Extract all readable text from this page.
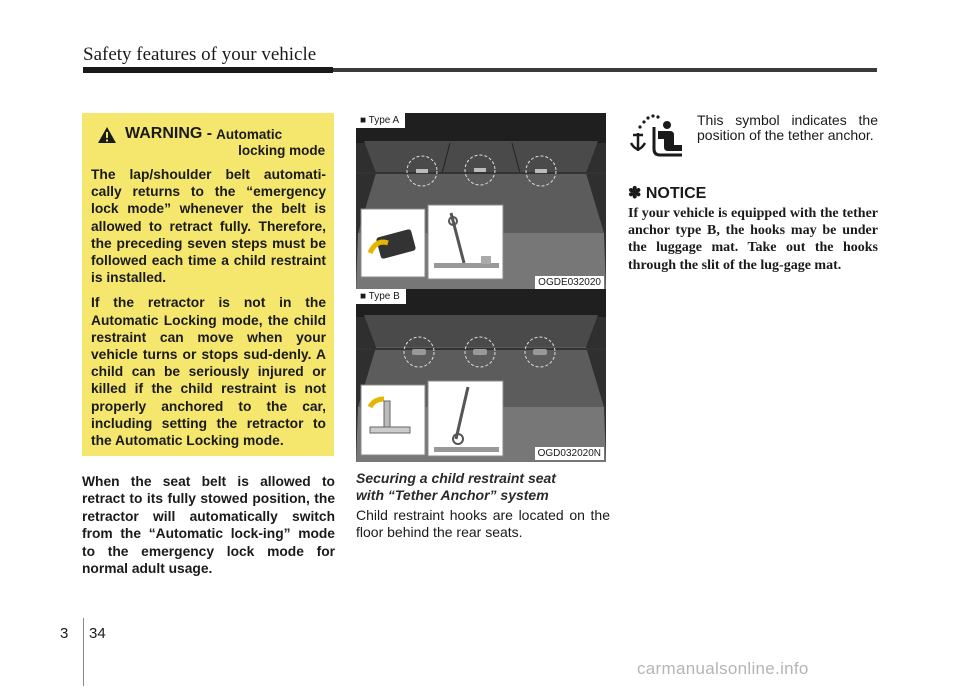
Safety features of your vehicle
WARNING - Automatic
locking mode

The lap/shoulder belt automati-cally returns to the “emergency lock mode” whenever the belt is allowed to retract fully. Therefore, the preceding seven steps must be followed each time a child restraint is installed.

If the retractor is not in the Automatic Locking mode, the child restraint can move when your vehicle turns or stops sud-denly. A child can be seriously injured or killed if the child restraint is not properly anchored to the car, including setting the retractor to the Automatic Locking mode.

When the seat belt is allowed to retract to its fully stowed position, the retractor will automatically switch from the “Automatic lock-ing” mode to the emergency lock mode for normal adult usage.

■ Type A
OGDE032020
■ Type B
OGD032020N
Securing a child restraint seat
with “Tether Anchor” system

Child restraint hooks are located on the floor behind the rear seats.

This symbol indicates the position of the tether anchor.

✽ NOTICE

If your vehicle is equipped with the tether anchor type B, the hooks may be under the luggage mat. Take out the hooks through the slit of the lug-gage mat.

3 34
carmanualsonline.info
